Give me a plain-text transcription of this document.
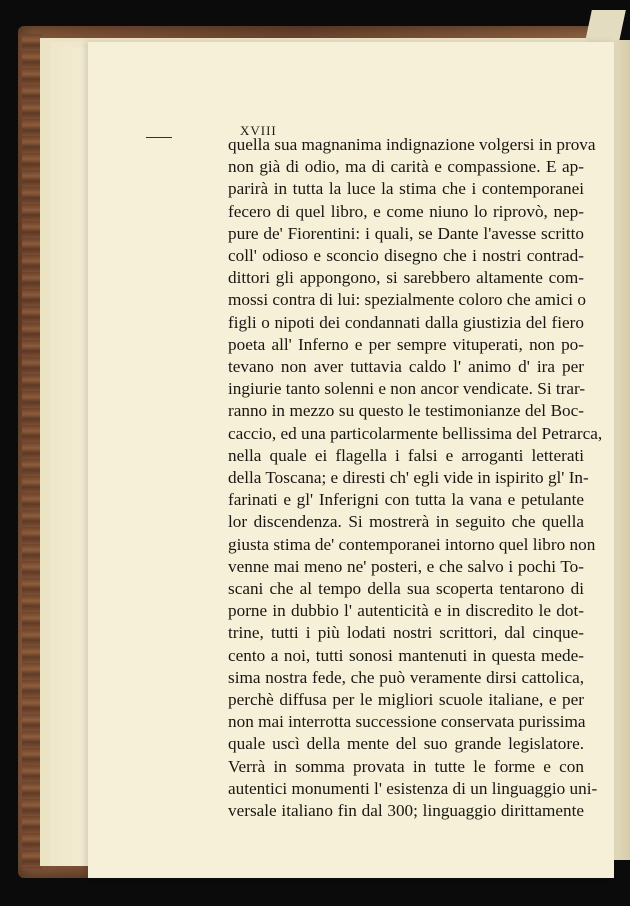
XVIII
quella sua magnanima indignazione volgersi in prova
non già di odio, ma di carità e compassione. E ap-
parirà in tutta la luce la stima che i contemporanei
fecero di quel libro, e come niuno lo riprovò, nep-
pure de' Fiorentini: i quali, se Dante l'avesse scritto
coll' odioso e sconcio disegno che i nostri contrad-
dittori gli appongono, si sarebbero altamente com-
mossi contra di lui: spezialmente coloro che amici o
figli o nipoti dei condannati dalla giustizia del fiero
poeta all' Inferno e per sempre vituperati, non po-
tevano non aver tuttavia caldo l' animo d' ira per
ingiurie tanto solenni e non ancor vendicate. Si trar-
ranno in mezzo su questo le testimonianze del Boc-
caccio, ed una particolarmente bellissima del Petrarca,
nella quale ei flagella i falsi e arroganti letterati
della Toscana; e diresti ch' egli vide in ispirito gl' In-
farinati e gl' Inferigni con tutta la vana e petulante
lor discendenza. Si mostrerà in seguito che quella
giusta stima de' contemporanei intorno quel libro non
venne mai meno ne' posteri, e che salvo i pochi To-
scani che al tempo della sua scoperta tentarono di
porne in dubbio l' autenticità e in discredito le dot-
trine, tutti i più lodati nostri scrittori, dal cinque-
cento a noi, tutti sonosi mantenuti in questa mede-
sima nostra fede, che può veramente dirsi cattolica,
perchè diffusa per le migliori scuole italiane, e per
non mai interrotta successione conservata purissima
quale uscì della mente del suo grande legislatore.
Verrà in somma provata in tutte le forme e con
autentici monumenti l' esistenza di un linguaggio uni-
versale italiano fin dal 300; linguaggio dirittamente
